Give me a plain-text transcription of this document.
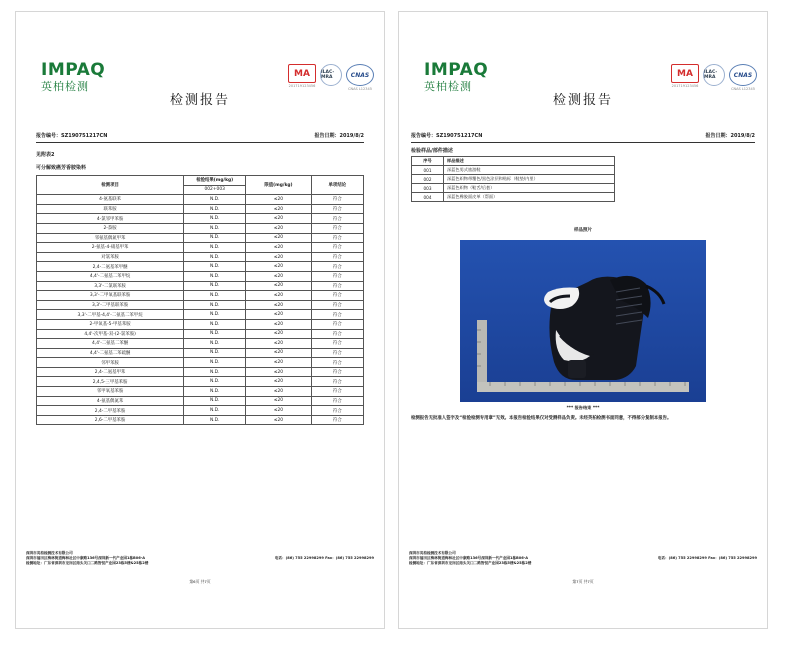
IMPAQ
英柏检测
MA
201719123456
ILAC-MRA	CNAS
CNAS L12345
检测报告
报告编号：SZ190751217CN	报告日期：2019/8/2
见附表2
可分解致癌芳香胺染料
检测项目	检验结果(mg/kg)	限值(mg/kg)	单项结论
	002+003		
4-氨基联苯	N.D.	≤20	符合
联苯胺	N.D.	≤20	符合
4-氯邻甲苯胺	N.D.	≤20	符合
2-萘胺	N.D.	≤20	符合
邻氨基偶氮甲苯	N.D.	≤20	符合
2-氨基-4-硝基甲苯	N.D.	≤20	符合
对氯苯胺	N.D.	≤20	符合
2,4-二氨基苯甲醚	N.D.	≤20	符合
4,4'-二氨基二苯甲烷	N.D.	≤20	符合
3,3'-二氯联苯胺	N.D.	≤20	符合
3,3'-二甲氧基联苯胺	N.D.	≤20	符合
3,3'-二甲基联苯胺	N.D.	≤20	符合
3,3'-二甲基-4,4'-二氨基二苯甲烷	N.D.	≤20	符合
2-甲氧基-5-甲基苯胺	N.D.	≤20	符合
4,4'-次甲基-双-(2-氯苯胺)	N.D.	≤20	符合
4,4'-二氨基二苯醚	N.D.	≤20	符合
4,4'-二氨基二苯硫醚	N.D.	≤20	符合
邻甲苯胺	N.D.	≤20	符合
2,4-二氨基甲苯	N.D.	≤20	符合
2,4,5-三甲基苯胺	N.D.	≤20	符合
邻甲氧基苯胺	N.D.	≤20	符合
4-氨基偶氮苯	N.D.	≤20	符合
2,4-二甲基苯胺	N.D.	≤20	符合
2,6-二甲基苯胺	N.D.	≤20	符合
深圳市英柏检测技术有限公司
深圳市福田区梅林街道梅林社区中康路136号深圳新一代产业园1栋B06-A	电话：(86) 755 22998299 Fax：(86) 755 22998299
检测地址：广东省深圳市龙岗区南头关口二路智恒产业园23栋5楼&25栋2楼
第6页 共7页
IMPAQ
英柏检测
MA
201719123456
ILAC-MRA	CNAS
CNAS L12345
检测报告
报告编号：SZ190751217CN	报告日期：2019/8/2
检验样品/部件描述
序号	样品描述
001	深蓝色男式旅游鞋
002	深蓝色织物带覆色/黑色涂层和贴标（鞋垫/内里）
003	深蓝色织物（鞋舌/后套）
004	深蓝色橡胶面皮革（帮面）
样品照片
*** 报告结束 ***
检测报告无批准人签字及“检验检测专用章”无效。本报告检验结果仅对受测样品负责。未经英柏检测书面同意，不得部分复制本报告。
深圳市英柏检测技术有限公司
深圳市福田区梅林街道梅林社区中康路136号深圳新一代产业园1栋B06-A	电话：(86) 755 22998299 Fax：(86) 755 22998299
检测地址：广东省深圳市龙岗区南头关口二路智恒产业园23栋5楼&25栋2楼
第7页 共7页
